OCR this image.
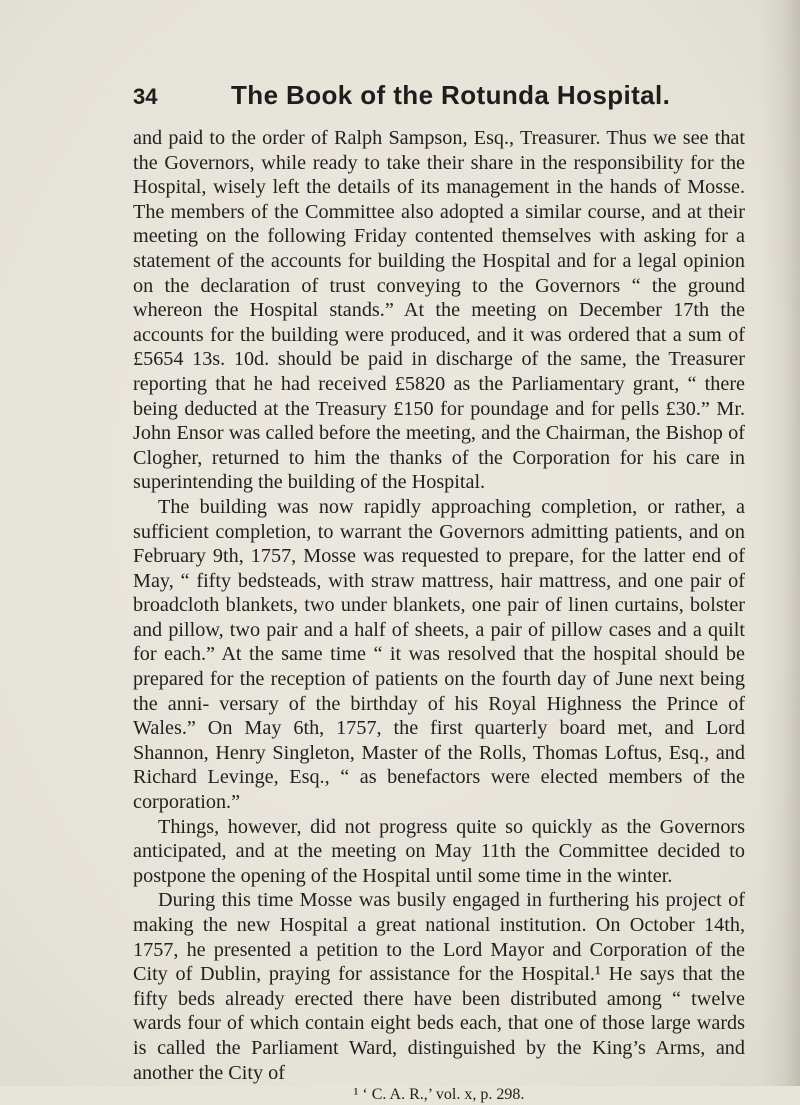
34	The Book of the Rotunda Hospital.

and paid to the order of Ralph Sampson, Esq., Treasurer. Thus we see that the Governors, while ready to take their share in the responsibility for the Hospital, wisely left the details of its management in the hands of Mosse. The members of the Committee also adopted a similar course, and at their meeting on the following Friday contented themselves with asking for a statement of the accounts for building the Hospital and for a legal opinion on the declaration of trust conveying to the Governors “ the ground whereon the Hospital stands.” At the meeting on December 17th the accounts for the building were produced, and it was ordered that a sum of £5654 13s. 10d. should be paid in discharge of the same, the Treasurer reporting that he had received £5820 as the Parliamentary grant, “ there being deducted at the Treasury £150 for poundage and for pells £30.” Mr. John Ensor was called before the meeting, and the Chairman, the Bishop of Clogher, returned to him the thanks of the Corporation for his care in superintending the building of the Hospital.

The building was now rapidly approaching completion, or rather, a sufficient completion, to warrant the Governors admitting patients, and on February 9th, 1757, Mosse was requested to prepare, for the latter end of May, “ fifty bedsteads, with straw mattress, hair mattress, and one pair of broadcloth blankets, two under blankets, one pair of linen curtains, bolster and pillow, two pair and a half of sheets, a pair of pillow cases and a quilt for each.” At the same time “ it was resolved that the hospital should be prepared for the reception of patients on the fourth day of June next being the anni- versary of the birthday of his Royal Highness the Prince of Wales.” On May 6th, 1757, the first quarterly board met, and Lord Shannon, Henry Singleton, Master of the Rolls, Thomas Loftus, Esq., and Richard Levinge, Esq., “ as benefactors were elected members of the corporation.”

Things, however, did not progress quite so quickly as the Governors anticipated, and at the meeting on May 11th the Committee decided to postpone the opening of the Hospital until some time in the winter.

During this time Mosse was busily engaged in furthering his project of making the new Hospital a great national institution. On October 14th, 1757, he presented a petition to the Lord Mayor and Corporation of the City of Dublin, praying for assistance for the Hospital.¹ He says that the fifty beds already erected there have been distributed among “ twelve wards four of which contain eight beds each, that one of those large wards is called the Parliament Ward, distinguished by the King’s Arms, and another the City of

¹ ‘ C. A. R.,’ vol. x, p. 298.
